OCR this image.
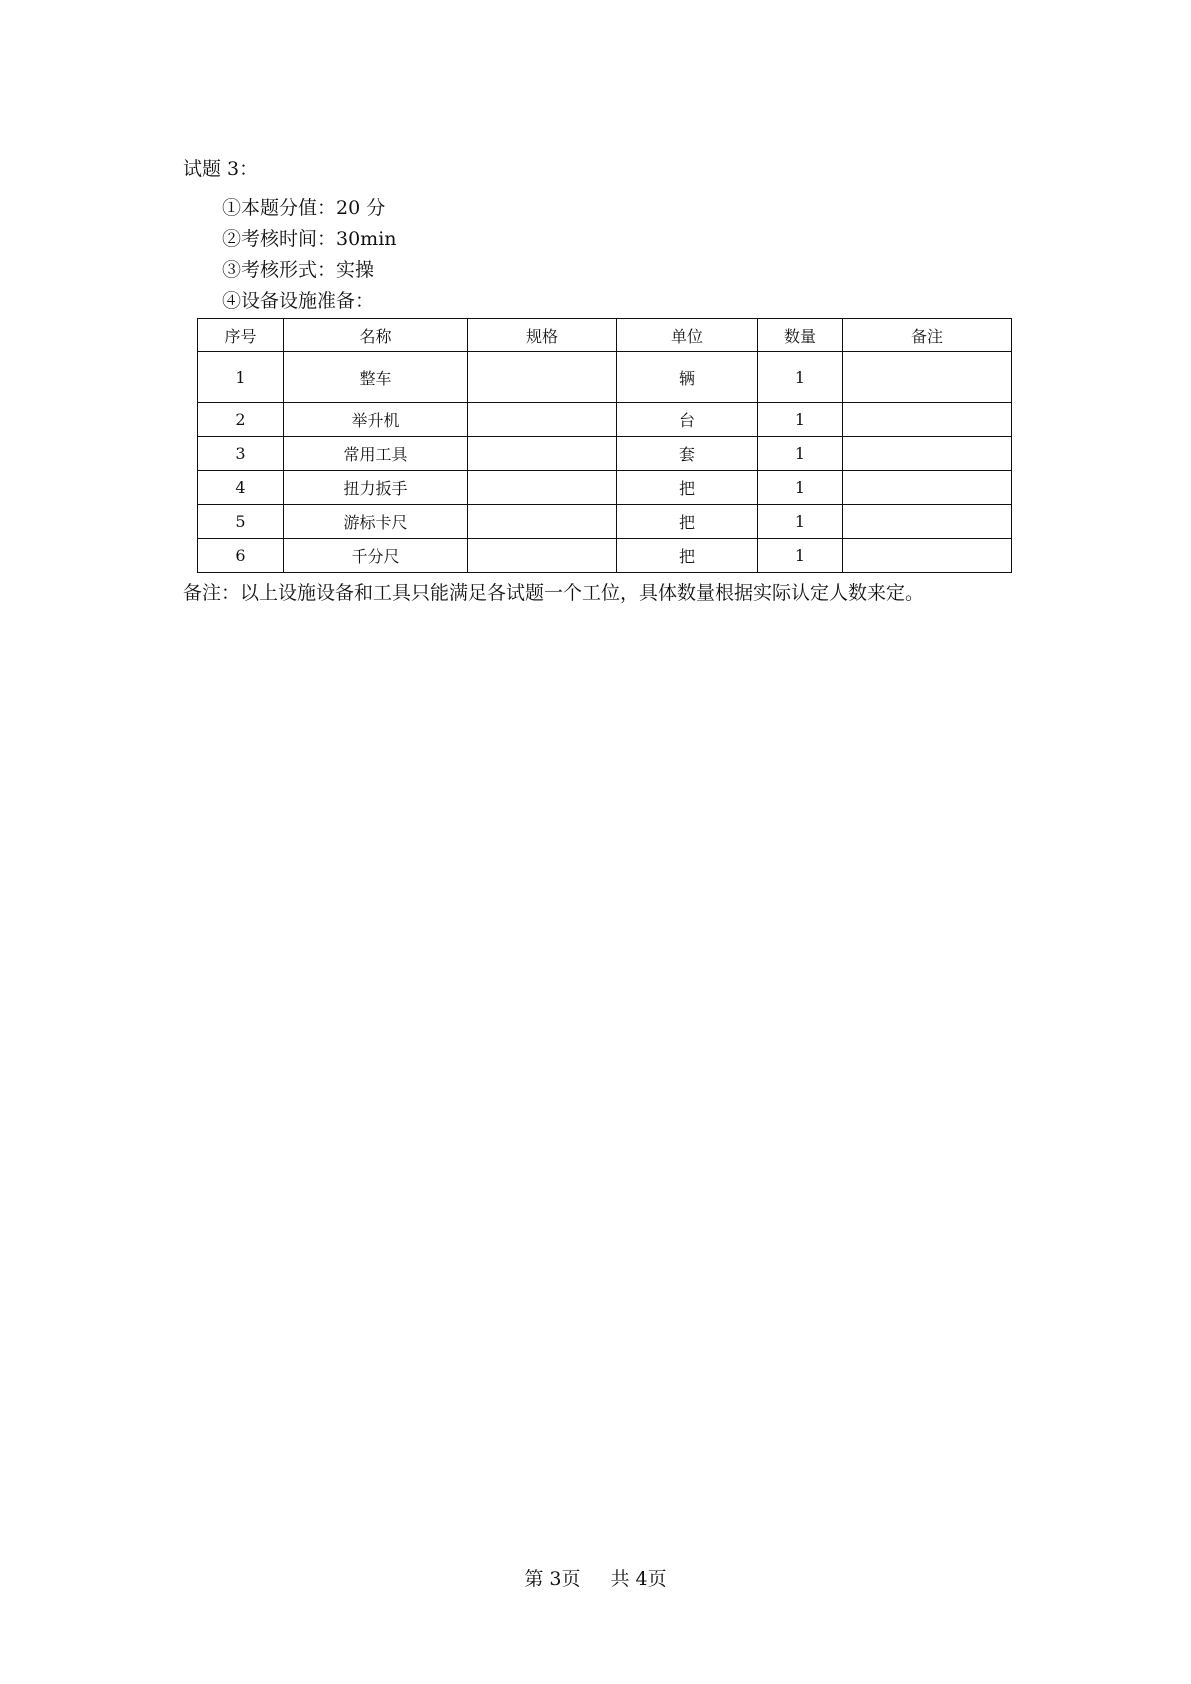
试题 3：
①本题分值：20 分
②考核时间：30min
③考核形式：实操
④设备设施准备：
序号	名称	规格	单位	数量	备注
1	整车		辆	1	
2	举升机		台	1	
3	常用工具		套	1	
4	扭力扳手		把	1	
5	游标卡尺		把	1	
6	千分尺		把	1	
备注：以上设施设备和工具只能满足各试题一个工位，具体数量根据实际认定人数来定。
第 3页 共 4页
